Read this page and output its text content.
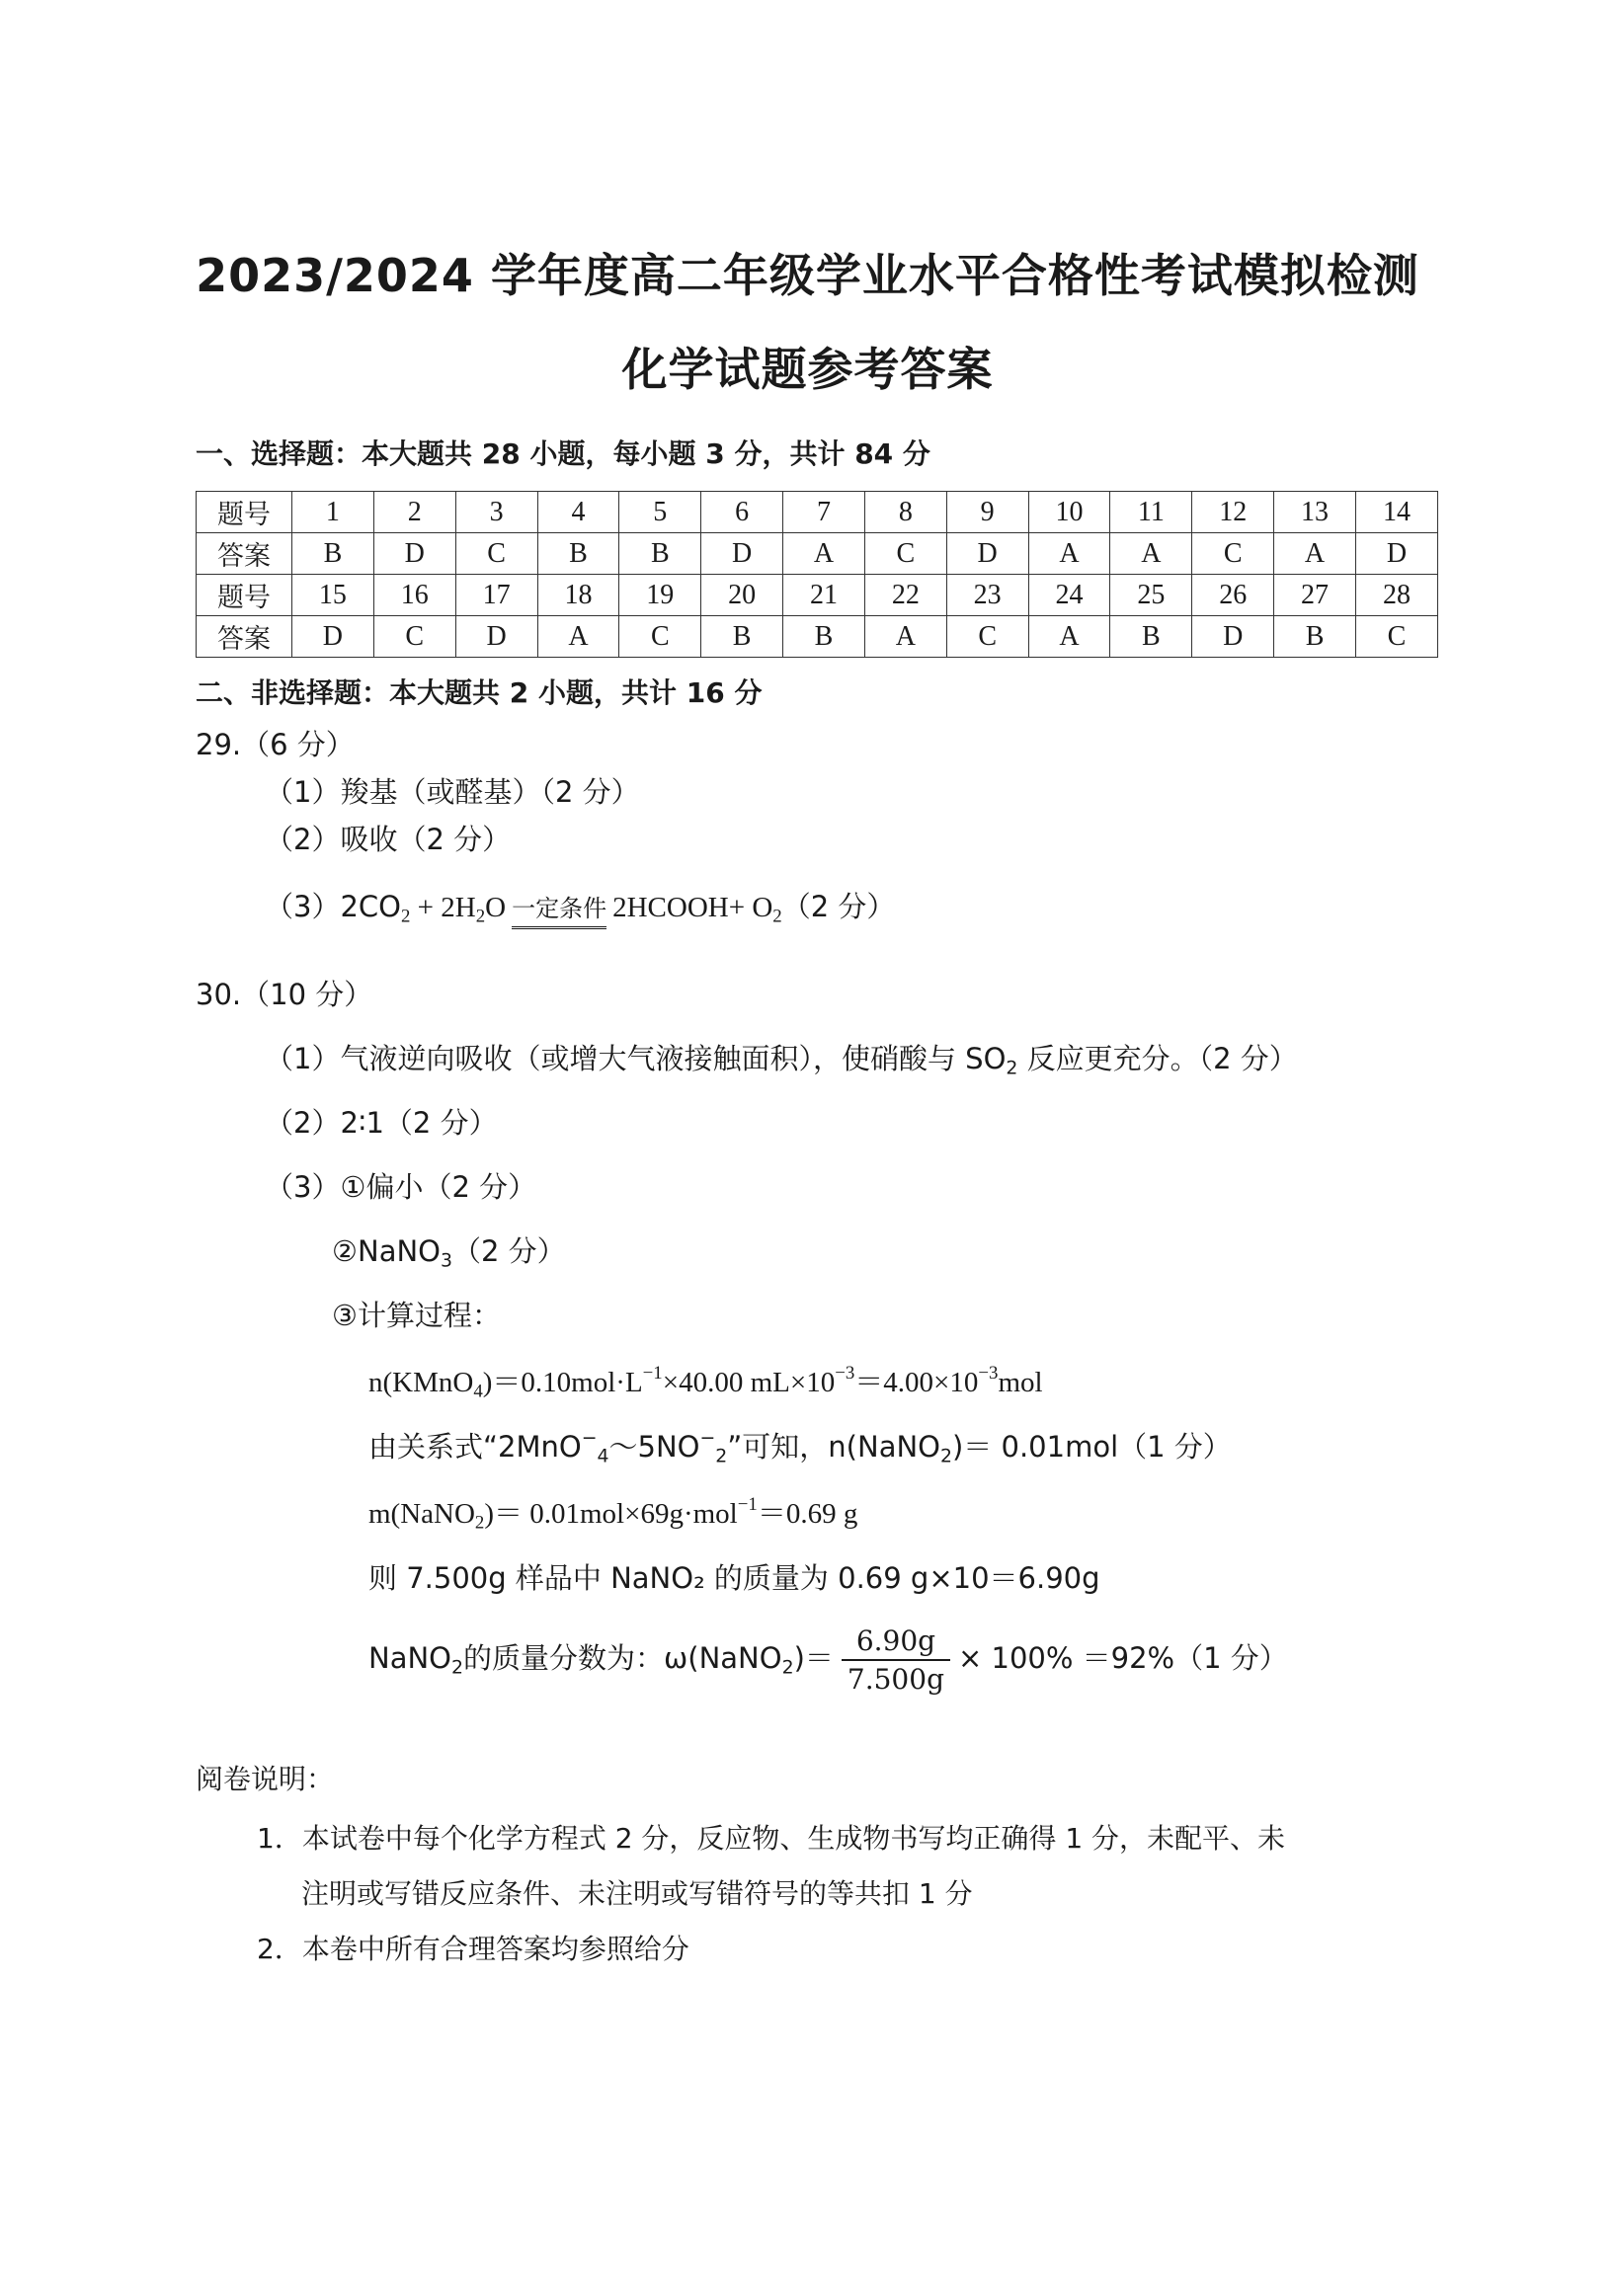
2023/2024 学年度高二年级学业水平合格性考试模拟检测
化学试题参考答案
一、选择题：本大题共 28 小题，每小题 3 分，共计 84 分
题号	1	2	3	4	5	6	7	8	9	10	11	12	13	14
答案	B	D	C	B	B	D	A	C	D	A	A	C	A	D
题号	15	16	17	18	19	20	21	22	23	24	25	26	27	28
答案	D	C	D	A	C	B	B	A	C	A	B	D	B	C
二、非选择题：本大题共 2 小题，共计 16 分
29.（6 分）
（1）羧基（或醛基）（2 分）
（2）吸收（2 分）
$(3)2CO_2 + 2H_2O$ 一定条件 2HCOOH+ $O_2(2$ 分）
30.（10 分）
（1）气液逆向吸收（或增大气液接触面积），使硝酸与 $SO_2$ 反应更充分。（2 分）
（2）2∶1（2 分）
（3）①偏小（2 分）
②NaNO$_3$（2 分）
③计算过程：
$n(KMnO_4)=0.10mol\cdot L^{-1}\times 40.00$ $mL\times 10^{-3}=4.00\times 10^{-3}mol$
由关系式“$2MnO^-_4\sim 5NO^-_2$”可知，n(NaNO$_2$)＝ 0.01mol（1 分）
m(NaNO$_2$)＝ 0.01mol×69g·mol$^{-1}$＝0.69 g
则 7.500g 样品中 NaNO₂ 的质量为 0.69 g×10＝6.90g
NaNO$_2$的质量分数为：ω(NaNO$_2$)＝ $\frac{6.90g}{7.500g} \times 100\% =92\%(1$ 分）
阅卷说明：
1．本试卷中每个化学方程式 2 分，反应物、生成物书写均正确得 1 分，未配平、未
注明或写错反应条件、未注明或写错符号的等共扣 1 分
2．本卷中所有合理答案均参照给分
